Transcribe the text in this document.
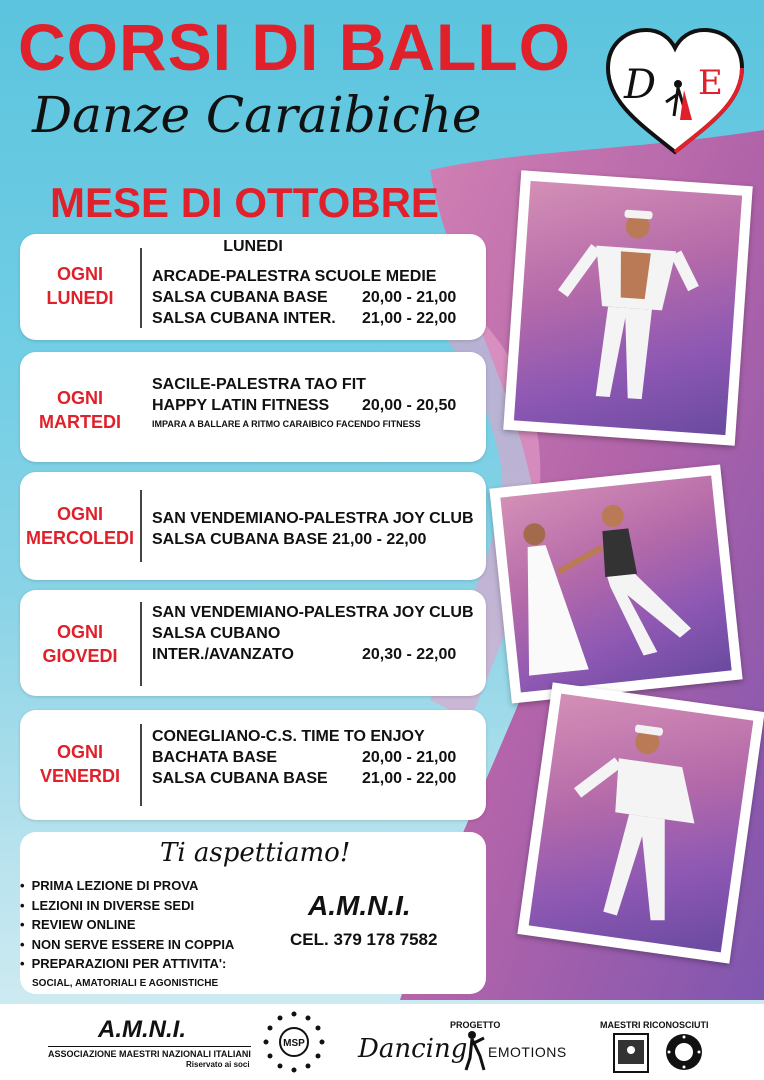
CORSI DI BALLO
Danze Caraibiche
MESE DI OTTOBRE
D E
LUNEDI
OGNI
LUNEDI
ARCADE-PALESTRA SCUOLE MEDIE
SALSA CUBANA BASE	20,00 - 21,00
SALSA CUBANA INTER.	21,00 - 22,00
OGNI
MARTEDI
SACILE-PALESTRA TAO FIT
HAPPY LATIN FITNESS	20,00 - 20,50
IMPARA A BALLARE A RITMO CARAIBICO FACENDO FITNESS
OGNI
MERCOLEDI
SAN VENDEMIANO-PALESTRA JOY CLUB
SALSA CUBANA BASE 21,00 - 22,00
OGNI
GIOVEDI
SAN VENDEMIANO-PALESTRA JOY CLUB
SALSA CUBANO
INTER./AVANZATO	20,30 - 22,00
OGNI
VENERDI
CONEGLIANO-C.S. TIME TO ENJOY
BACHATA BASE	20,00 - 21,00
SALSA CUBANA BASE	21,00 - 22,00
Ti aspettiamo!
• PRIMA LEZIONE DI PROVA
• LEZIONI IN DIVERSE SEDI
• REVIEW ONLINE
• NON SERVE ESSERE IN COPPIA
• PREPARAZIONI PER ATTIVITA':
SOCIAL, AMATORIALI E AGONISTICHE
A.M.N.I.
CEL. 379 178 7582
A.M.N.I.
ASSOCIAZIONE MAESTRI NAZIONALI ITALIANI
Riservato ai soci
MSP
PROGETTO
Dancing EMOTIONS
MAESTRI RICONOSCIUTI
